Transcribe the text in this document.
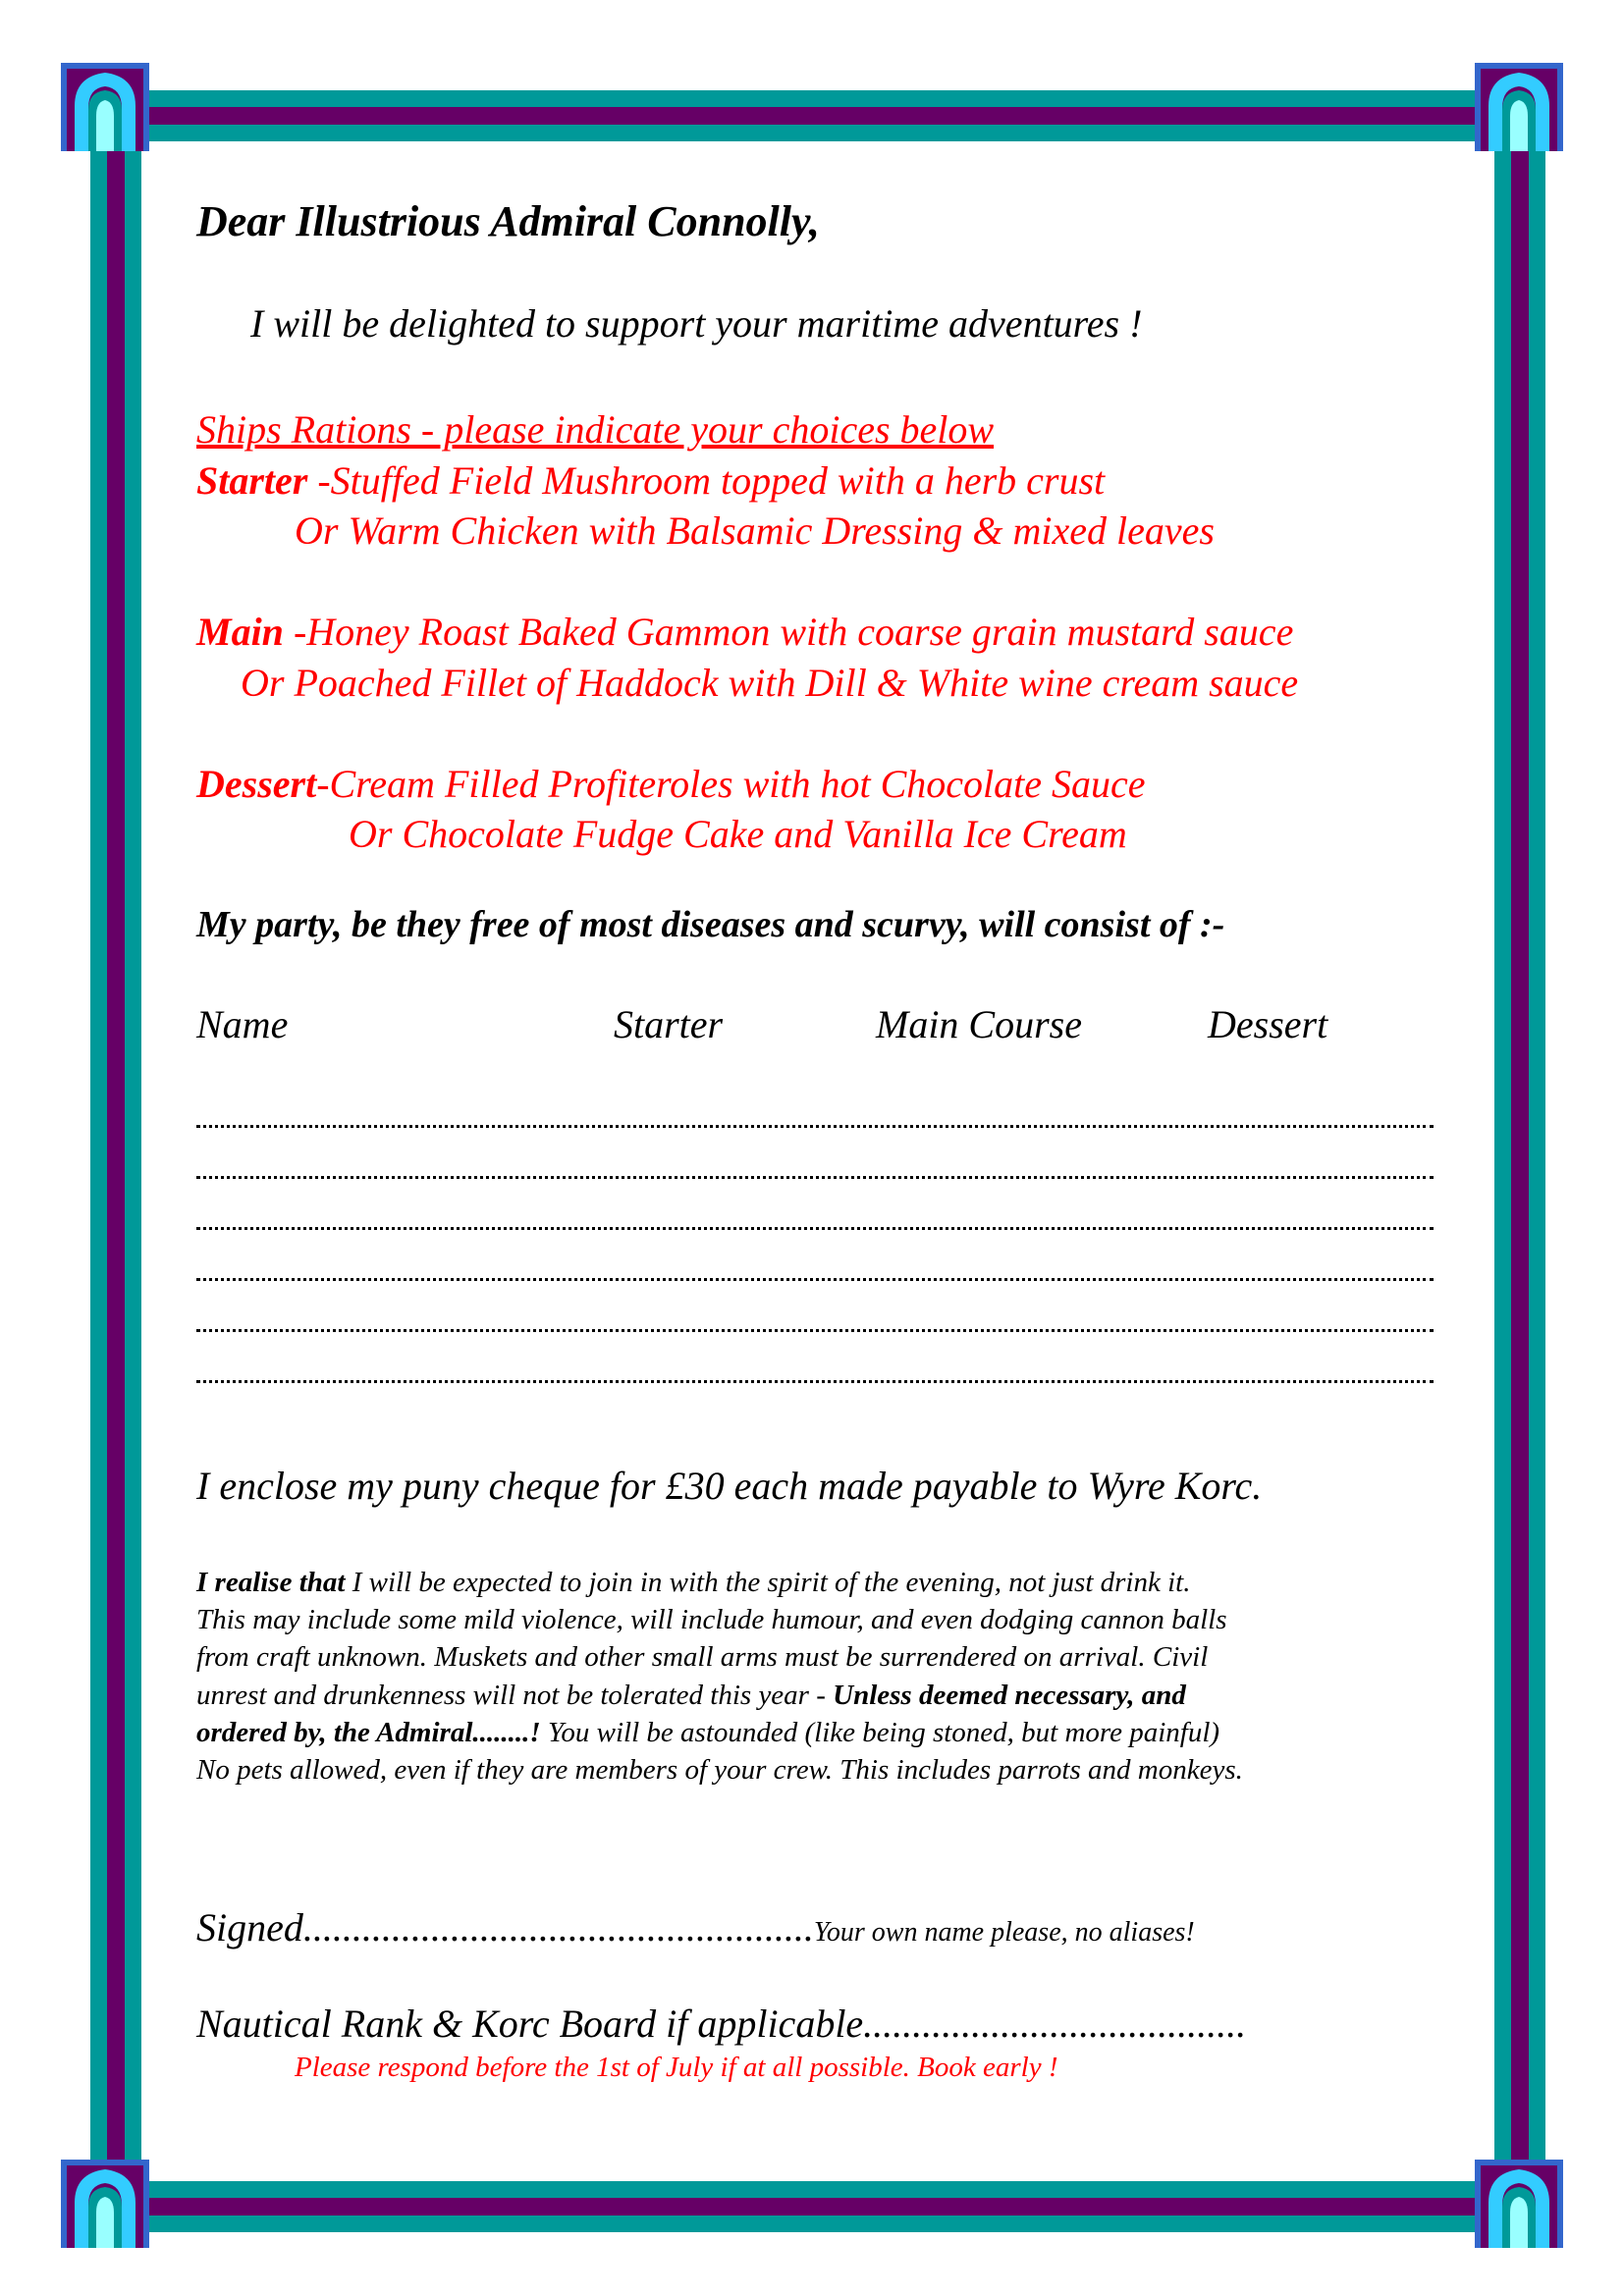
Dear Illustrious Admiral Connolly,
I will be delighted to support your maritime adventures !
Ships Rations - please indicate your choices below
Starter -Stuffed Field Mushroom topped with a herb crust
Or Warm Chicken with Balsamic Dressing & mixed leaves
Main -Honey Roast Baked Gammon with coarse grain mustard sauce
Or Poached Fillet of Haddock with Dill & White wine cream sauce
Dessert-Cream Filled Profiteroles with hot Chocolate Sauce
Or Chocolate Fudge Cake and Vanilla Ice Cream
My party, be they free of most diseases and scurvy, will consist of :-
Name	Starter	Main Course	Dessert
I enclose my puny cheque for £30 each made payable to Wyre Korc.
I realise that I will be expected to join in with the spirit of the evening, not just drink it.
This may include some mild violence, will include humour, and even dodging cannon balls
from craft unknown. Muskets and other small arms must be surrendered on arrival. Civil
unrest and drunkenness will not be tolerated this year - Unless deemed necessary, and
ordered by, the Admiral........! You will be astounded (like being stoned, but more painful)
No pets allowed, even if they are members of your crew. This includes parrots and monkeys.
Signed....................................................Your own name please, no aliases!
Nautical Rank & Korc Board if applicable.......................................
Please respond before the 1st of July if at all possible. Book early !
